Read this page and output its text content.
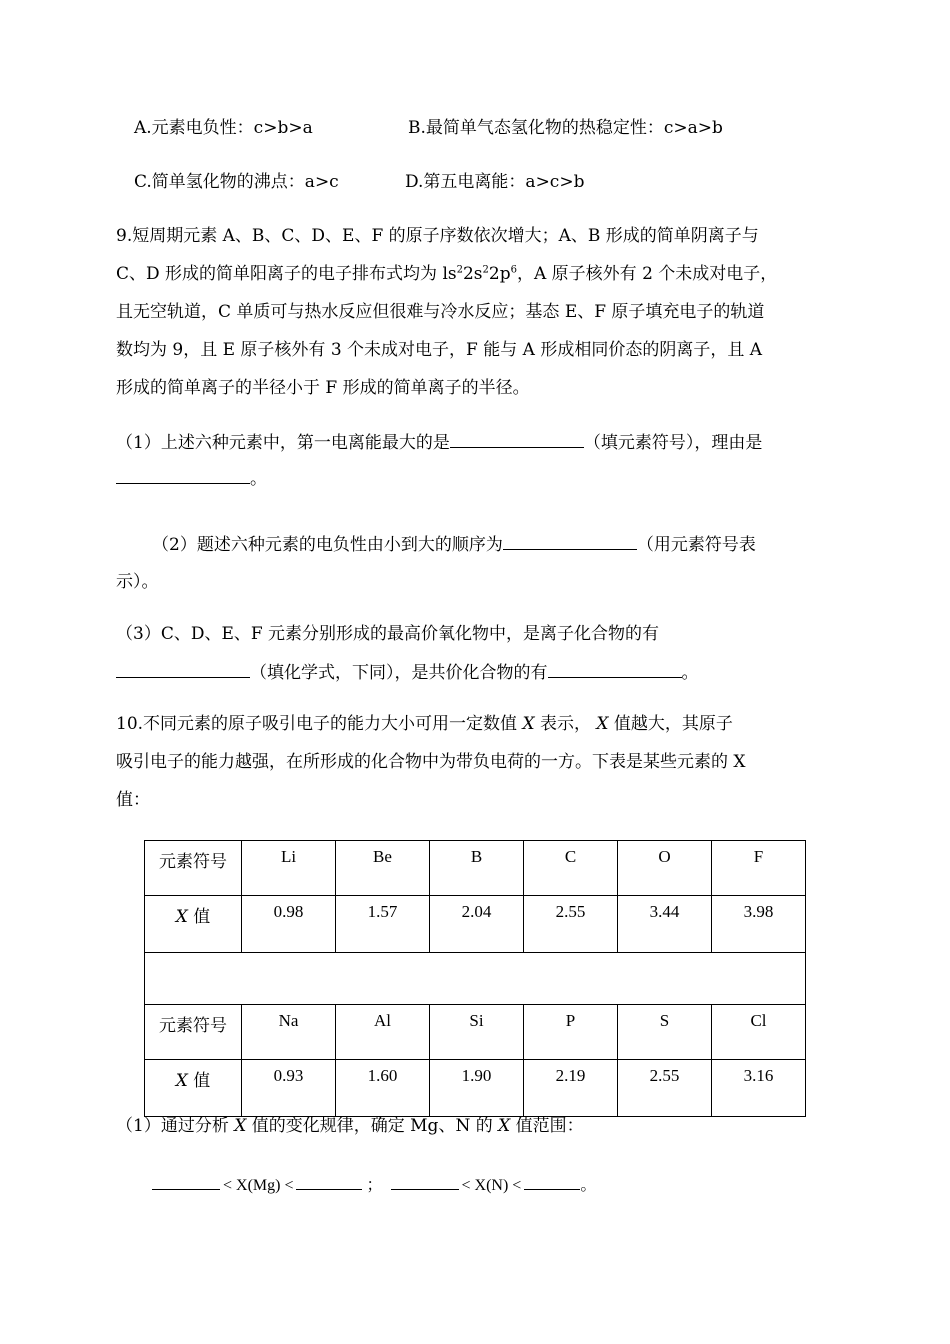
A.元素电负性：c>b>a	B.最简单气态氢化物的热稳定性：c>a>b
C.简单氢化物的沸点：a>c	D.第五电离能：a>c>b
9.短周期元素 A、B、C、D、E、F 的原子序数依次增大；A、B 形成的简单阴离子与
C、D 形成的简单阳离子的电子排布式均为 $ls^22s^22p^6$，A 原子核外有 2 个未成对电子，
且无空轨道，C 单质可与热水反应但很难与冷水反应；基态 E、F 原子填充电子的轨道
数均为 9，且 E 原子核外有 3 个未成对电子，F 能与 A 形成相同价态的阴离子，且 A
形成的简单离子的半径小于 F 形成的简单离子的半径。
（1）上述六种元素中，第一电离能最大的是	（填元素符号），理由是
。
（2）题述六种元素的电负性由小到大的顺序为	（用元素符号表
示）。
（3）C、D、E、F 元素分别形成的最高价氧化物中，是离子化合物的有
（填化学式，下同），是共价化合物的有	。
10.不同元素的原子吸引电子的能力大小可用一定数值 X 表示， X 值越大，其原子
吸引电子的能力越强，在所形成的化合物中为带负电荷的一方。下表是某些元素的 X
值：
元素符号	Li	Be	B	C	O	F
X 值	0.98	1.57	2.04	2.55	3.44	3.98

元素符号	Na	Al	Si	P	S	Cl
X 值	0.93	1.60	1.90	2.19	2.55	3.16
（1）通过分析 X 值的变化规律，确定 Mg、N 的 X 值范围：
< X(Mg) <	；	< X(N) <	。
